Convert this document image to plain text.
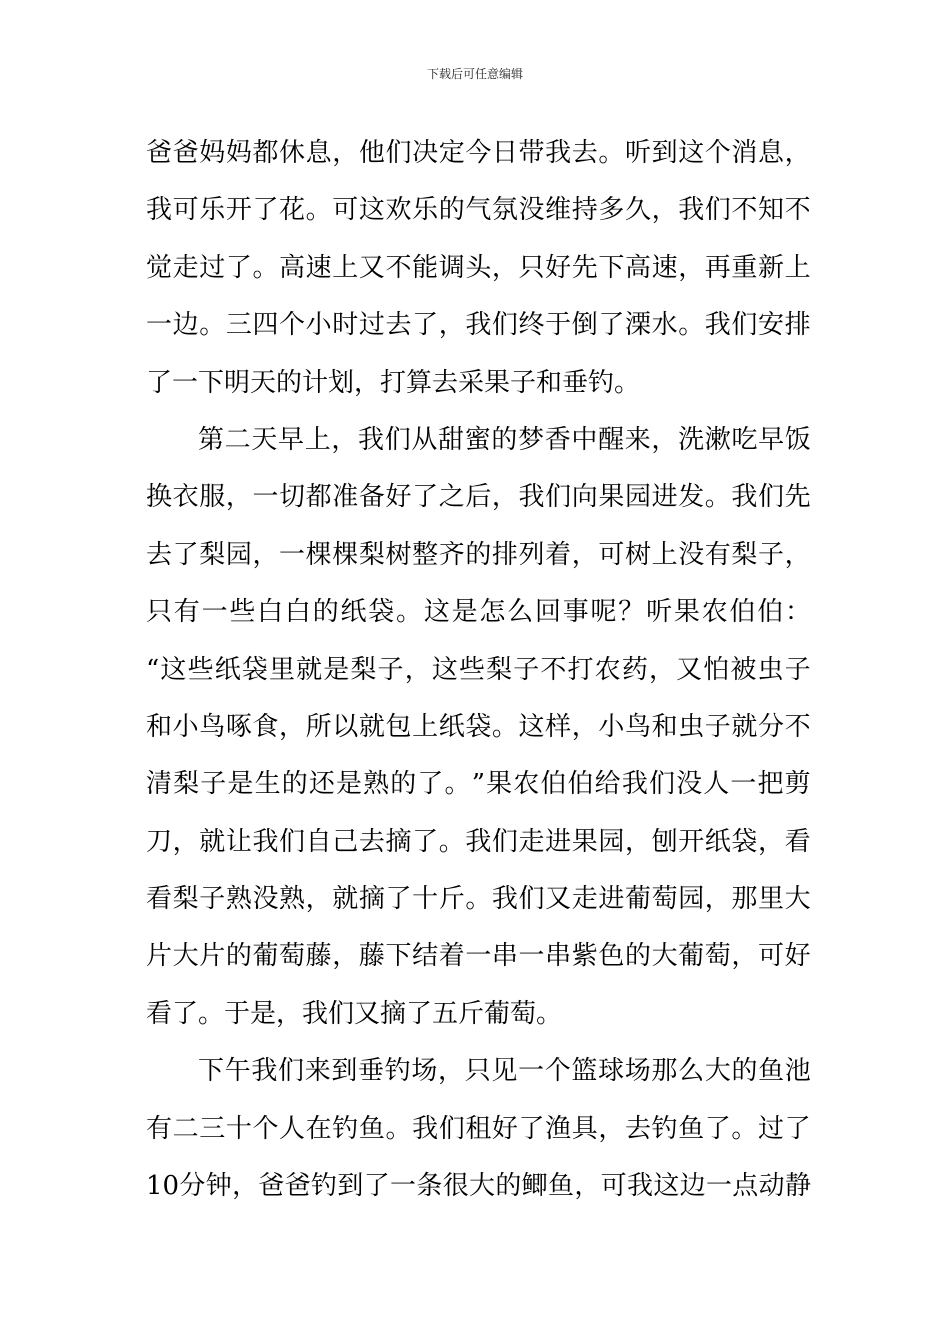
下载后可任意编辑
爸 爸 妈 妈 都 休 息 ， 他 们 决 定 今 日 带 我 去 。 听 到 这 个 消 息 ，
我 可 乐 开 了 花 。 可 这 欢 乐 的 气 氛 没 维 持 多 久 ， 我 们 不 知 不
觉 走 过 了 。 高 速 上 又 不 能 调 头 ， 只 好 先 下 高 速 ， 再 重 新 上
一 边 。 三 四 个 小 时 过 去 了 ， 我 们 终 于 倒 了 溧 水 。 我 们 安 排
了一下明天的计划，打算去采果子和垂钓。
第 二 天 早 上 ， 我 们 从 甜 蜜 的 梦 香 中 醒 来 ， 洗 漱 吃 早 饭
换 衣 服 ， 一 切 都 准 备 好 了 之 后 ， 我 们 向 果 园 进 发 。 我 们 先
去 了 梨 园 ， 一 棵 棵 梨 树 整 齐 的 排 列 着 ， 可 树 上 没 有 梨 子 ，
只 有 一 些 白 白 的 纸 袋 。 这 是 怎 么 回 事 呢 ？ 听 果 农 伯 伯 ：
“ 这 些 纸 袋 里 就 是 梨 子 ， 这 些 梨 子 不 打 农 药 ， 又 怕 被 虫 子
和 小 鸟 啄 食 ， 所 以 就 包 上 纸 袋 。 这 样 ， 小 鸟 和 虫 子 就 分 不
清 梨 子 是 生 的 还 是 熟 的 了 。 ” 果 农 伯 伯 给 我 们 没 人 一 把 剪
刀 ， 就 让 我 们 自 己 去 摘 了 。 我 们 走 进 果 园 ， 刨 开 纸 袋 ， 看
看 梨 子 熟 没 熟 ， 就 摘 了 十 斤 。 我 们 又 走 进 葡 萄 园 ， 那 里 大
片 大 片 的 葡 萄 藤 ， 藤 下 结 着 一 串 一 串 紫 色 的 大 葡 萄 ， 可 好
看了。于是，我们又摘了五斤葡萄。
下 午 我 们 来 到 垂 钓 场 ， 只 见 一 个 篮 球 场 那 么 大 的 鱼 池
有 二 三 十 个 人 在 钓 鱼 。 我 们 租 好 了 渔 具 ， 去 钓 鱼 了 。 过 了
10 分 钟 ， 爸 爸 钓 到 了 一 条 很 大 的 鲫 鱼 ， 可 我 这 边 一 点 动 静
